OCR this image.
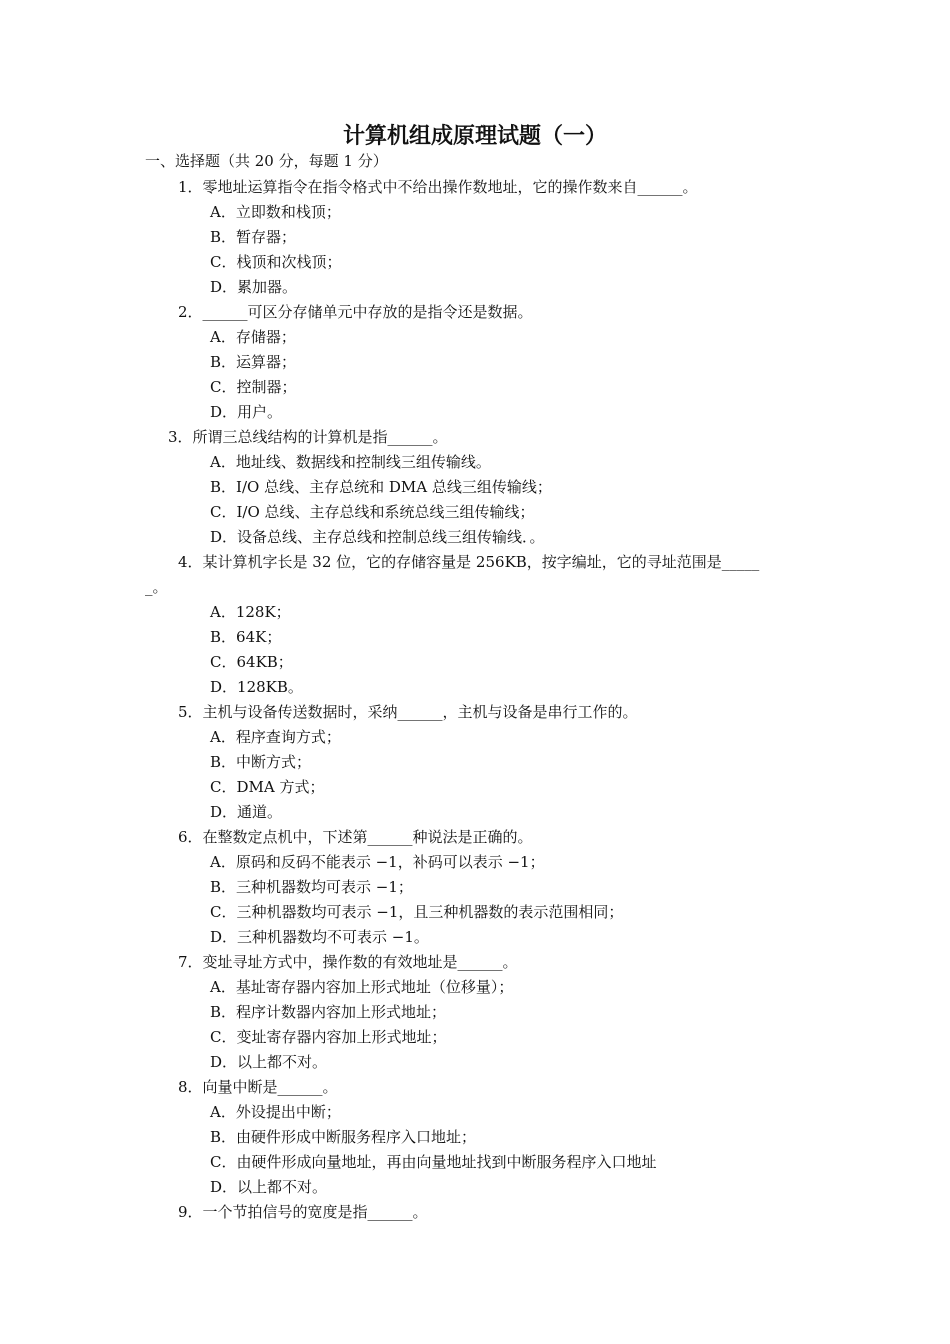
计算机组成原理试题（一）
一、选择题（共 20 分，每题 1 分）
1．零地址运算指令在指令格式中不给出操作数地址，它的操作数来自______。
A．立即数和栈顶；
B．暂存器；
C．栈顶和次栈顶；
D．累加器。
2．______可区分存储单元中存放的是指令还是数据。
A．存储器；
B．运算器；
C．控制器；
D．用户。
3．所谓三总线结构的计算机是指______。
A．地址线、数据线和控制线三组传输线。
B．I/O 总线、主存总统和 DMA 总线三组传输线；
C．I/O 总线、主存总线和系统总线三组传输线；
D．设备总线、主存总线和控制总线三组传输线．。
4．某计算机字长是 32 位，它的存储容量是 256KB，按字编址，它的寻址范围是_____
_。
A．128K；
B．64K；
C．64KB；
D．128KB。
5．主机与设备传送数据时，采纳______，主机与设备是串行工作的。
A．程序查询方式；
B．中断方式；
C．DMA 方式；
D．通道。
6．在整数定点机中，下述第______种说法是正确的。
A．原码和反码不能表示 −1，补码可以表示 −1；
B．三种机器数均可表示 −1；
C．三种机器数均可表示 −1，且三种机器数的表示范围相同；
D．三种机器数均不可表示 −1。
7．变址寻址方式中，操作数的有效地址是______。
A．基址寄存器内容加上形式地址（位移量）；
B．程序计数器内容加上形式地址；
C．变址寄存器内容加上形式地址；
D．以上都不对。
8．向量中断是______。
A．外设提出中断；
B．由硬件形成中断服务程序入口地址；
C．由硬件形成向量地址，再由向量地址找到中断服务程序入口地址
D．以上都不对。
9．一个节拍信号的宽度是指______。
